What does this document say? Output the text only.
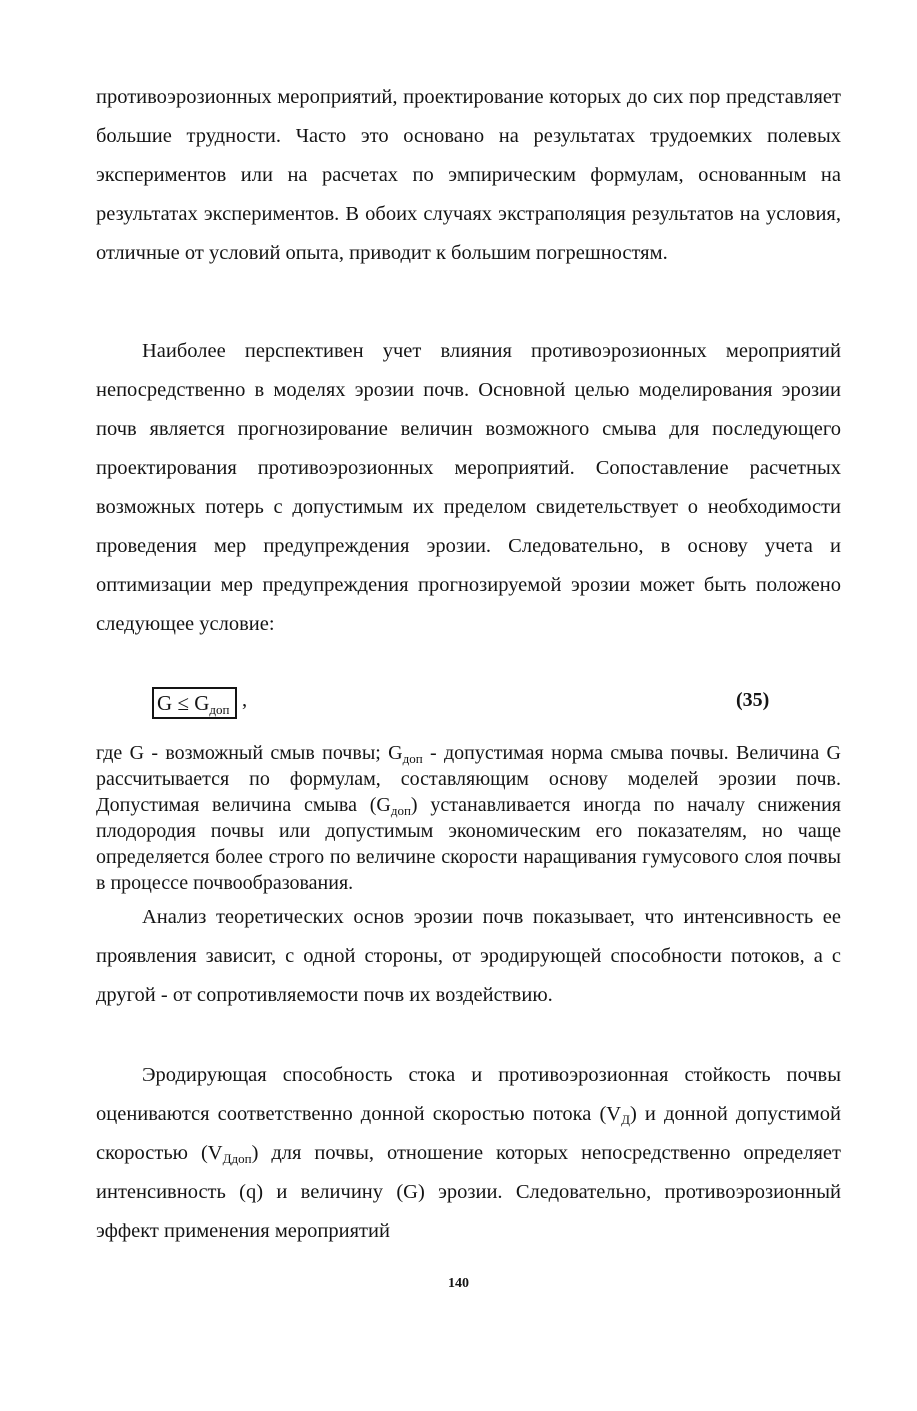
противоэрозионных мероприятий, проектирование которых до сих пор представляет большие трудности. Часто это основано на результатах трудоемких полевых экспериментов или на расчетах по эмпирическим формулам, основанным на результатах экспериментов. В обоих случаях экстраполяция результатов на условия, отличные от условий опыта, приводит к большим погрешностям.

Наиболее перспективен учет влияния противоэрозионных мероприятий непосредственно в моделях эрозии почв. Основной целью моделирования эрозии почв является прогнозирование величин возможного смыва для последующего проектирования противоэрозионных мероприятий. Сопоставление расчетных возможных потерь с допустимым их пределом свидетельствует о необходимости проведения мер предупреждения эрозии. Следовательно, в основу учета и оптимизации мер предупреждения прогнозируемой эрозии может быть положено следующее условие:

$G \le G_{доп}$ ,	(35)

где G - возможный смыв почвы; $G_{доп}$ - допустимая норма смыва почвы. Величина G рассчитывается по формулам, составляющим основу моделей эрозии почв. Допустимая величина смыва $(G_{доп})$ устанавливается иногда по началу снижения плодородия почвы или допустимым экономическим его показателям, но чаще определяется более строго по величине скорости наращивания гумусового слоя почвы в процессе почвообразования.

Анализ теоретических основ эрозии почв показывает, что интенсивность ее проявления зависит, с одной стороны, от эродирующей способности потоков, а с другой - от сопротивляемости почв их воздействию.

Эродирующая способность стока и противоэрозионная стойкость почвы оцениваются соответственно донной скоростью потока $(V_Д)$ и донной допустимой скоростью $(V_{Ддоп})$ для почвы, отношение которых непосредственно определяет интенсивность (q) и величину (G) эрозии. Следовательно, противоэрозионный эффект применения мероприятий

140
